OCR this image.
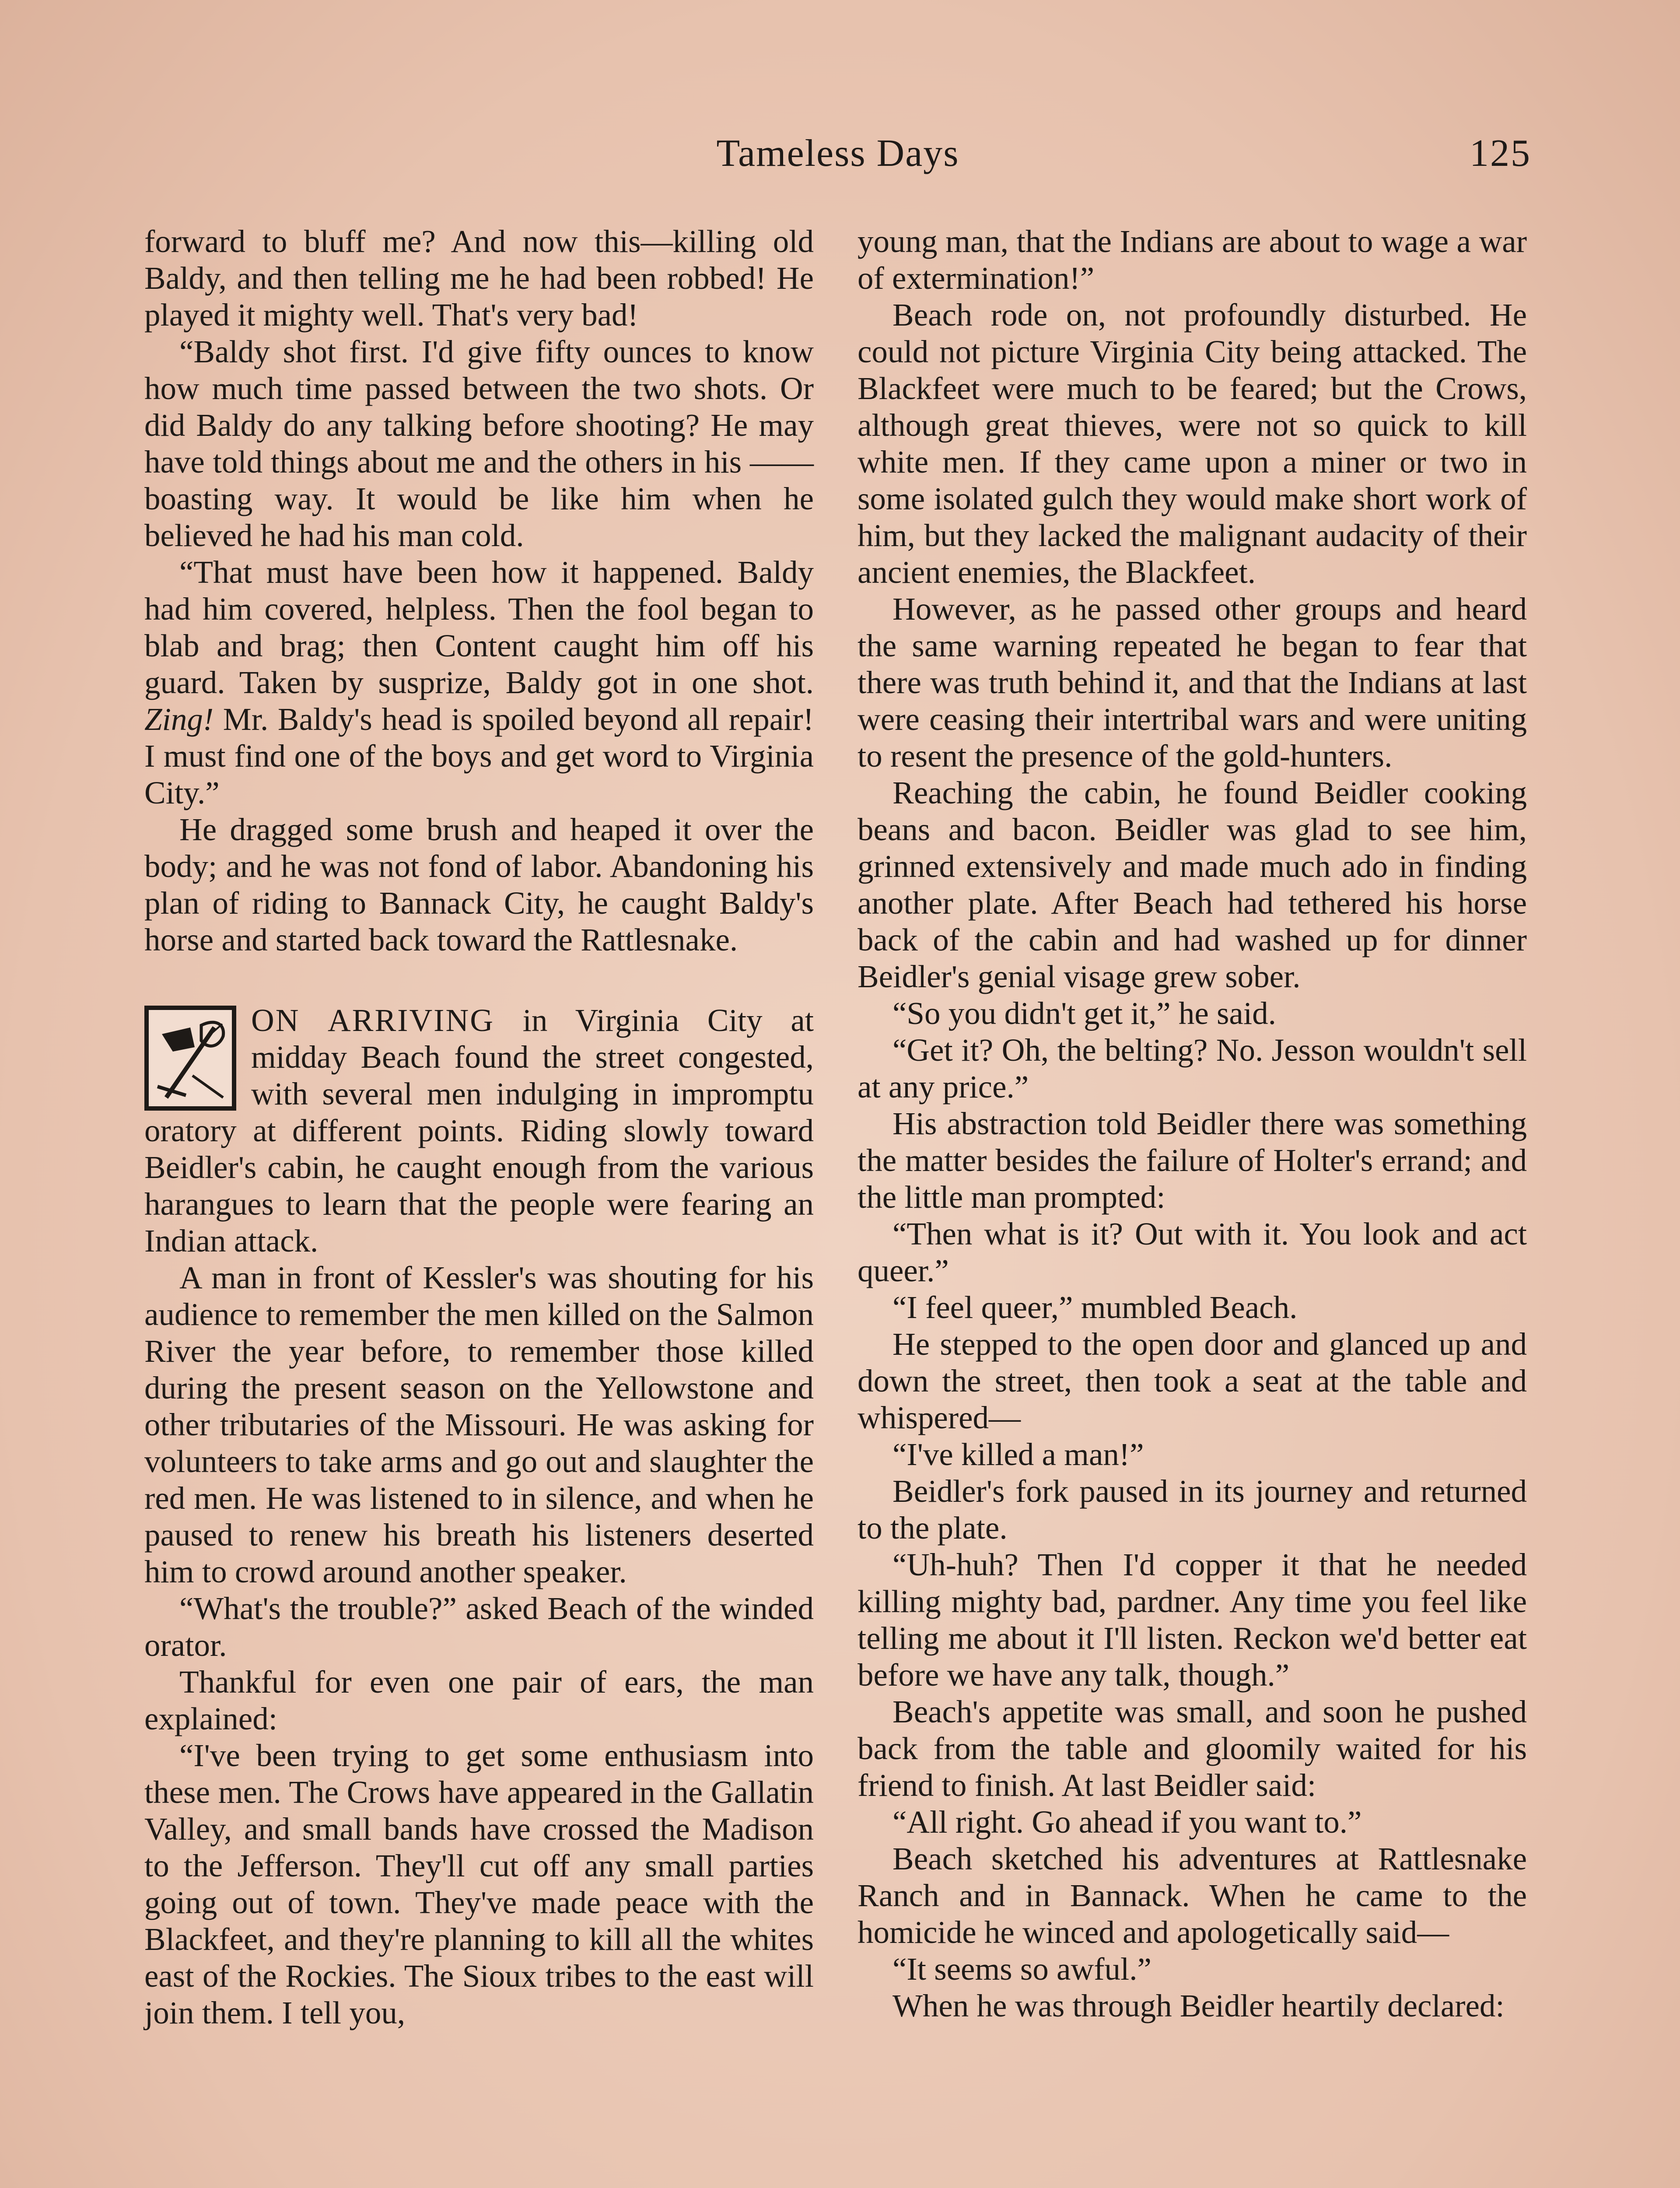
Tameless Days	125

forward to bluff me? And now this—killing old Baldy, and then telling me he had been robbed! He played it mighty well. That's very bad!

“Baldy shot first. I'd give fifty ounces to know how much time passed between the two shots. Or did Baldy do any talking before shooting? He may have told things about me and the others in his —— boasting way. It would be like him when he believed he had his man cold.

“That must have been how it happened. Baldy had him covered, helpless. Then the fool began to blab and brag; then Content caught him off his guard. Taken by susprize, Baldy got in one shot. Zing! Mr. Baldy's head is spoiled beyond all repair! I must find one of the boys and get word to Virginia City.”

He dragged some brush and heaped it over the body; and he was not fond of labor. Abandoning his plan of riding to Bannack City, he caught Baldy's horse and started back toward the Rattlesnake.

ON ARRIVING in Virginia City at midday Beach found the street congested, with several men indulging in impromptu oratory at different points. Riding slowly toward Beidler's cabin, he caught enough from the various harangues to learn that the people were fearing an Indian attack.

A man in front of Kessler's was shouting for his audience to remember the men killed on the Salmon River the year before, to remember those killed during the present season on the Yellowstone and other tributaries of the Missouri. He was asking for volunteers to take arms and go out and slaughter the red men. He was listened to in silence, and when he paused to renew his breath his listeners deserted him to crowd around another speaker.

“What's the trouble?” asked Beach of the winded orator.

Thankful for even one pair of ears, the man explained:

“I've been trying to get some enthusiasm into these men. The Crows have appeared in the Gallatin Valley, and small bands have crossed the Madison to the Jefferson. They'll cut off any small parties going out of town. They've made peace with the Blackfeet, and they're planning to kill all the whites east of the Rockies. The Sioux tribes to the east will join them. I tell you,

young man, that the Indians are about to wage a war of extermination!”

Beach rode on, not profoundly disturbed. He could not picture Virginia City being attacked. The Blackfeet were much to be feared; but the Crows, although great thieves, were not so quick to kill white men. If they came upon a miner or two in some isolated gulch they would make short work of him, but they lacked the malignant audacity of their ancient enemies, the Blackfeet.

However, as he passed other groups and heard the same warning repeated he began to fear that there was truth behind it, and that the Indians at last were ceasing their intertribal wars and were uniting to resent the presence of the gold-hunters.

Reaching the cabin, he found Beidler cooking beans and bacon. Beidler was glad to see him, grinned extensively and made much ado in finding another plate. After Beach had tethered his horse back of the cabin and had washed up for dinner Beidler's genial visage grew sober.

“So you didn't get it,” he said.

“Get it? Oh, the belting? No. Jesson wouldn't sell at any price.”

His abstraction told Beidler there was something the matter besides the failure of Holter's errand; and the little man prompted:

“Then what is it? Out with it. You look and act queer.”

“I feel queer,” mumbled Beach.

He stepped to the open door and glanced up and down the street, then took a seat at the table and whispered—

“I've killed a man!”

Beidler's fork paused in its journey and returned to the plate.

“Uh-huh? Then I'd copper it that he needed killing mighty bad, pardner. Any time you feel like telling me about it I'll listen. Reckon we'd better eat before we have any talk, though.”

Beach's appetite was small, and soon he pushed back from the table and gloomily waited for his friend to finish. At last Beidler said:

“All right. Go ahead if you want to.”

Beach sketched his adventures at Rattlesnake Ranch and in Bannack. When he came to the homicide he winced and apologetically said—

“It seems so awful.”

When he was through Beidler heartily declared:
